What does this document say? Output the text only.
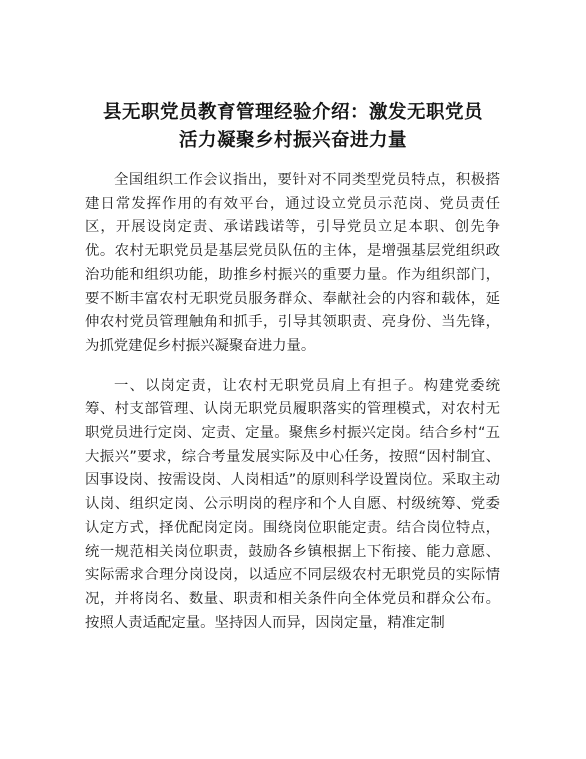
县无职党员教育管理经验介绍：激发无职党员
活力凝聚乡村振兴奋进力量

全国组织工作会议指出，要针对不同类型党员特点，积极搭建日常发挥作用的有效平台，通过设立党员示范岗、党员责任区，开展设岗定责、承诺践诺等，引导党员立足本职、创先争优。农村无职党员是基层党员队伍的主体，是增强基层党组织政治功能和组织功能，助推乡村振兴的重要力量。作为组织部门，要不断丰富农村无职党员服务群众、奉献社会的内容和载体，延伸农村党员管理触角和抓手，引导其领职责、亮身份、当先锋，为抓党建促乡村振兴凝聚奋进力量。

一、以岗定责，让农村无职党员肩上有担子。构建党委统筹、村支部管理、认岗无职党员履职落实的管理模式，对农村无职党员进行定岗、定责、定量。聚焦乡村振兴定岗。结合乡村“五大振兴”要求，综合考量发展实际及中心任务，按照“因村制宜、因事设岗、按需设岗、人岗相适”的原则科学设置岗位。采取主动认岗、组织定岗、公示明岗的程序和个人自愿、村级统筹、党委认定方式，择优配岗定岗。围绕岗位职能定责。结合岗位特点，统一规范相关岗位职责，鼓励各乡镇根据上下衔接、能力意愿、实际需求合理分岗设岗，以适应不同层级农村无职党员的实际情况，并将岗名、数量、职责和相关条件向全体党员和群众公布。按照人责适配定量。坚持因人而异，因岗定量，精准定制
